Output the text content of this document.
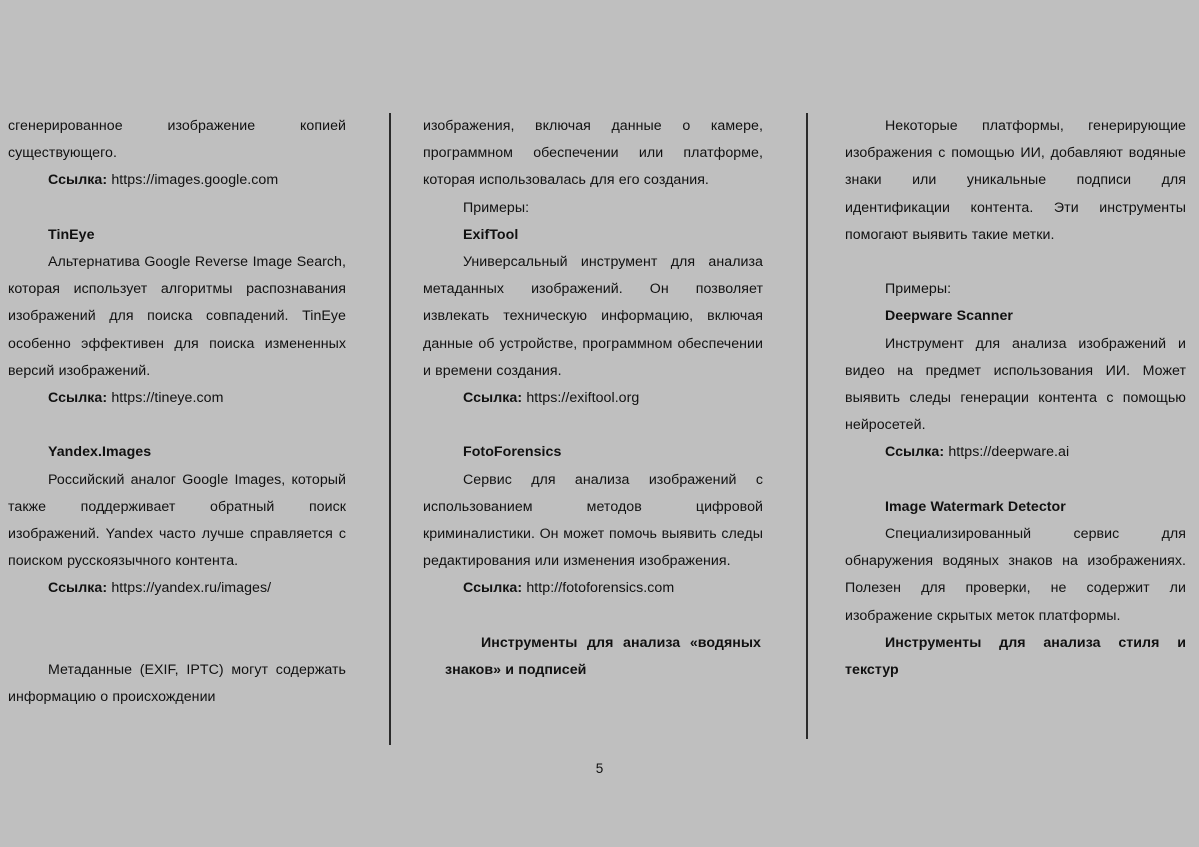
сгенерированное изображение копией существующего.

Ссылка: https://images.google.com

TinEye

Альтернатива Google Reverse Image Search, которая использует алгоритмы распознавания изображений для поиска совпадений. TinEye особенно эффективен для поиска измененных версий изображений.

Ссылка: https://tineye.com

Yandex.Images

Российский аналог Google Images, который также поддерживает обратный поиск изображений. Yandex часто лучше справляется с поиском русскоязычного контента.

Ссылка: https://yandex.ru/images/

Метаданные (EXIF, IPTC) могут содержать информацию о происхождении

изображения, включая данные о камере, программном обеспечении или платформе, которая использовалась для его создания.

Примеры:

ExifTool

Универсальный инструмент для анализа метаданных изображений. Он позволяет извлекать техническую информацию, включая данные об устройстве, программном обеспечении и времени создания.

Ссылка: https://exiftool.org

FotoForensics

Сервис для анализа изображений с использованием методов цифровой криминалистики. Он может помочь выявить следы редактирования или изменения изображения.

Ссылка: http://fotoforensics.com

Инструменты для анализа «водяных знаков» и подписей

Некоторые платформы, генерирующие изображения с помощью ИИ, добавляют водяные знаки или уникальные подписи для идентификации контента. Эти инструменты помогают выявить такие метки.

Примеры:

Deepware Scanner

Инструмент для анализа изображений и видео на предмет использования ИИ. Может выявить следы генерации контента с помощью нейросетей.

Ссылка: https://deepware.ai

Image Watermark Detector

Специализированный сервис для обнаружения водяных знаков на изображениях. Полезен для проверки, не содержит ли изображение скрытых меток платформы.

Инструменты для анализа стиля и текстур

5
